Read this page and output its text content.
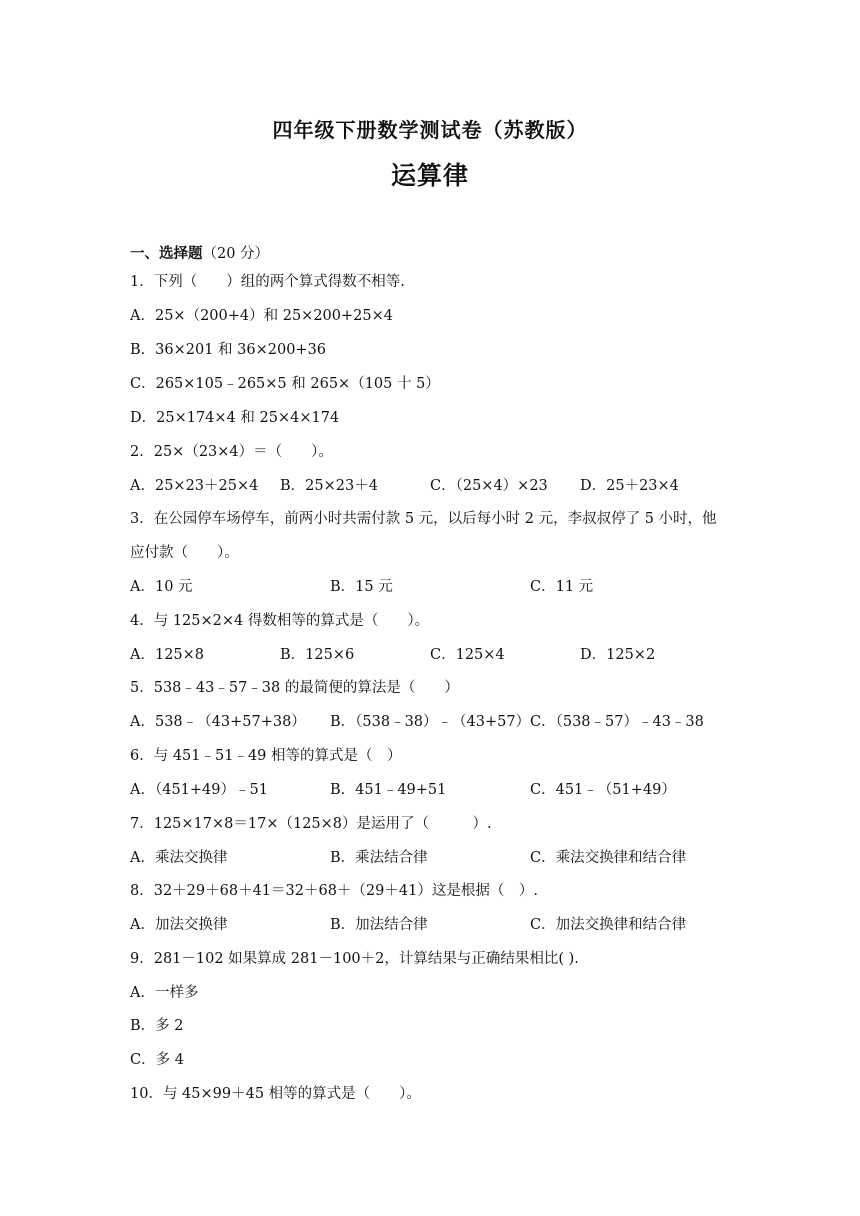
四年级下册数学测试卷（苏教版）
运算律
一、选择题（20 分）
1．下列（　　）组的两个算式得数不相等.
A．25×（200+4）和 25×200+25×4
B．36×201 和 36×200+36
C．265×105﹣265×5 和 265×（105 十 5）
D．25×174×4 和 25×4×174
2．25×（23×4）＝（　　）。
A．25×23＋25×4 B．25×23＋4	C．（25×4）×23 D．25＋23×4
3．在公园停车场停车，前两小时共需付款 5 元，以后每小时 2 元，李叔叔停了 5 小时，他
应付款（　　）。
A．10 元	B．15 元	C．11 元
4．与 125×2×4 得数相等的算式是（　　）。
A．125×8	B．125×6	C．125×4	D．125×2
5．538﹣43﹣57﹣38 的最简便的算法是（　　）
A．538﹣（43+57+38） B．（538﹣38）﹣（43+57） C．（538﹣57）﹣43﹣38
6．与 451﹣51﹣49 相等的算式是（　）
A．（451+49）﹣51	B．451﹣49+51	C．451﹣（51+49）
7．125×17×8＝17×（125×8）是运用了（　　　）.
A．乘法交换律	B．乘法结合律	C．乘法交换律和结合律
8．32＋29＋68＋41＝32＋68＋（29＋41）这是根据（　）.
A．加法交换律	B．加法结合律	C．加法交换律和结合律
9．281－102 如果算成 281－100＋2，计算结果与正确结果相比( ).
A．一样多
B．多 2
C．多 4
10．与 45×99＋45 相等的算式是（　　）。
